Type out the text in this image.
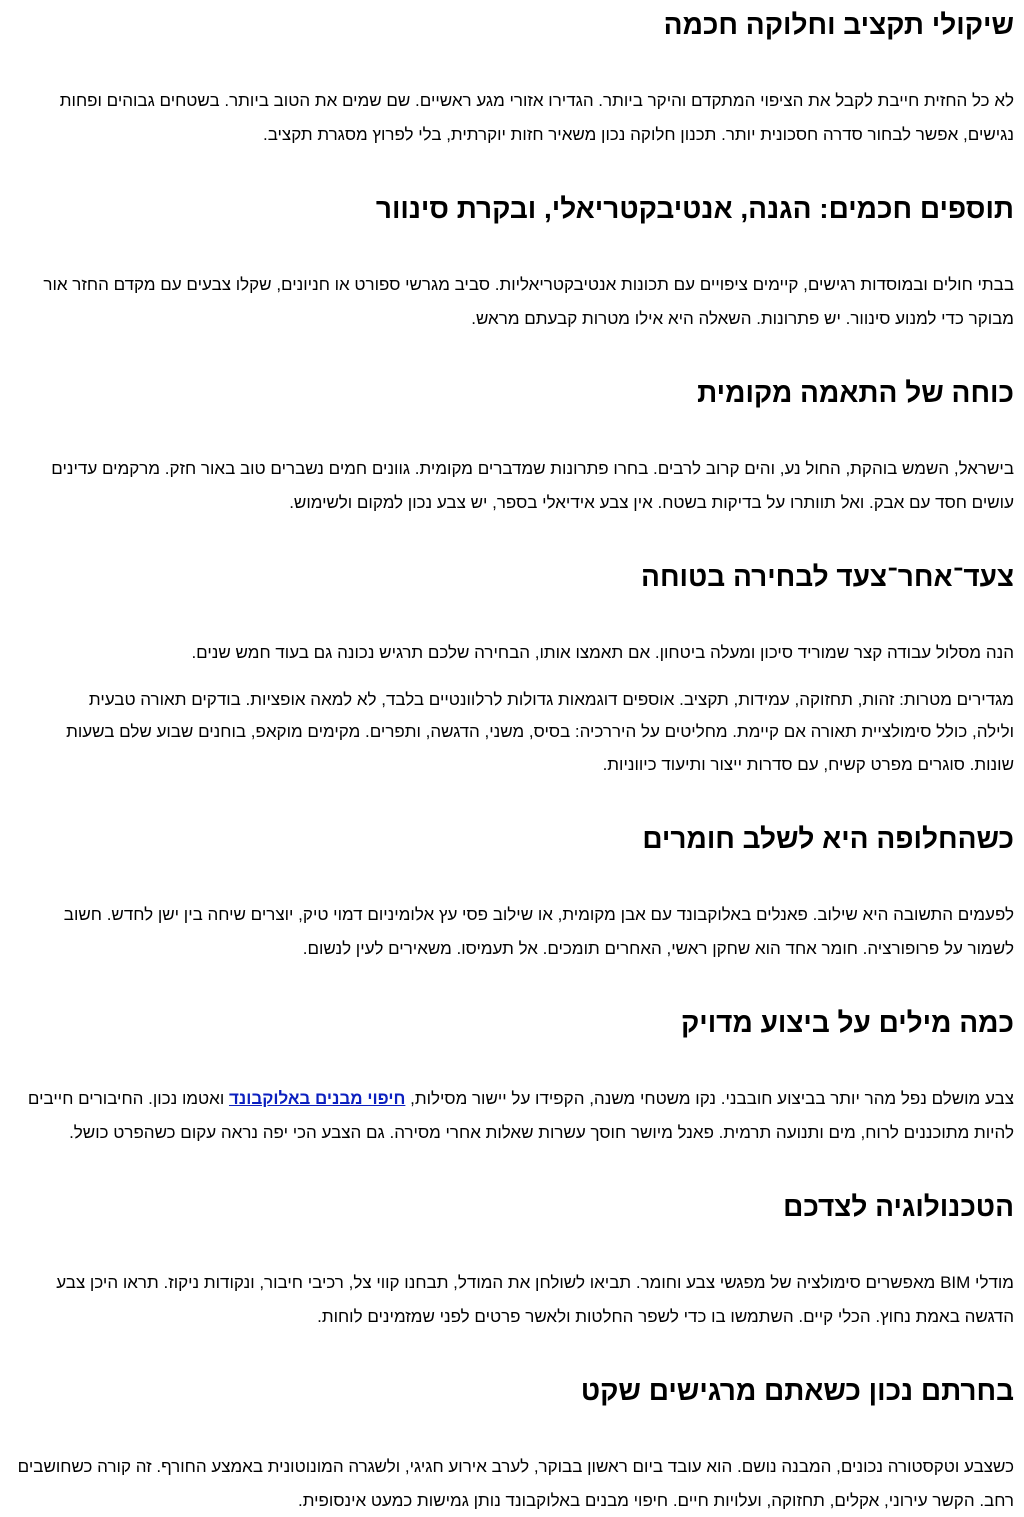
שיקולי תקציב וחלוקה חכמה

לא כל החזית חייבת לקבל את הציפוי המתקדם והיקר ביותר. הגדירו אזורי מגע ראשיים. שם שמים את הטוב ביותר. בשטחים גבוהים ופחות נגישים, אפשר לבחור סדרה חסכונית יותר. תכנון חלוקה נכון משאיר חזות יוקרתית, בלי לפרוץ מסגרת תקציב.

תוספים חכמים: הגנה, אנטיבקטריאלי, ובקרת סינוור

בבתי חולים ובמוסדות רגישים, קיימים ציפויים עם תכונות אנטיבקטריאליות. סביב מגרשי ספורט או חניונים, שקלו צבעים עם מקדם החזר אור מבוקר כדי למנוע סינוור. יש פתרונות. השאלה היא אילו מטרות קבעתם מראש.

כוחה של התאמה מקומית

בישראל, השמש בוהקת, החול נע, והים קרוב לרבים. בחרו פתרונות שמדברים מקומית. גוונים חמים נשברים טוב באור חזק. מרקמים עדינים עושים חסד עם אבק. ואל תוותרו על בדיקות בשטח. אין צבע אידיאלי בספר, יש צבע נכון למקום ולשימוש.

צעד־אחר־צעד לבחירה בטוחה

הנה מסלול עבודה קצר שמוריד סיכון ומעלה ביטחון. אם תאמצו אותו, הבחירה שלכם תרגיש נכונה גם בעוד חמש שנים.

מגדירים מטרות: זהות, תחזוקה, עמידות, תקציב. אוספים דוגמאות גדולות לרלוונטיים בלבד, לא למאה אופציות. בודקים תאורה טבעית ולילה, כולל סימולציית תאורה אם קיימת. מחליטים על היררכיה: בסיס, משני, הדגשה, ותפרים. מקימים מוקאפ, בוחנים שבוע שלם בשעות שונות. סוגרים מפרט קשיח, עם סדרות ייצור ותיעוד כיווניות.

כשהחלופה היא לשלב חומרים

לפעמים התשובה היא שילוב. פאנלים באלוקבונד עם אבן מקומית, או שילוב פסי עץ אלומיניום דמוי טיק, יוצרים שיחה בין ישן לחדש. חשוב לשמור על פרופורציה. חומר אחד הוא שחקן ראשי, האחרים תומכים. אל תעמיסו. משאירים לעין לנשום.

כמה מילים על ביצוע מדויק

צבע מושלם נפל מהר יותר בביצוע חובבני. נקו משטחי משנה, הקפידו על יישור מסילות, חיפוי מבנים באלוקבונד ואטמו נכון. החיבורים חייבים להיות מתוכננים לרוח, מים ותנועה תרמית. פאנל מיושר חוסך עשרות שאלות אחרי מסירה. גם הצבע הכי יפה נראה עקום כשהפרט כושל.

הטכנולוגיה לצדכם

מודלי BIM מאפשרים סימולציה של מפגשי צבע וחומר. תביאו לשולחן את המודל, תבחנו קווי צל, רכיבי חיבור, ונקודות ניקוז. תראו היכן צבע הדגשה באמת נחוץ. הכלי קיים. השתמשו בו כדי לשפר החלטות ולאשר פרטים לפני שמזמינים לוחות.

בחרתם נכון כשאתם מרגישים שקט

כשצבע וטקסטורה נכונים, המבנה נושם. הוא עובד ביום ראשון בבוקר, לערב אירוע חגיגי, ולשגרה המונוטונית באמצע החורף. זה קורה כשחושבים רחב. הקשר עירוני, אקלים, תחזוקה, ועלויות חיים. חיפוי מבנים באלוקבונד נותן גמישות כמעט אינסופית.
